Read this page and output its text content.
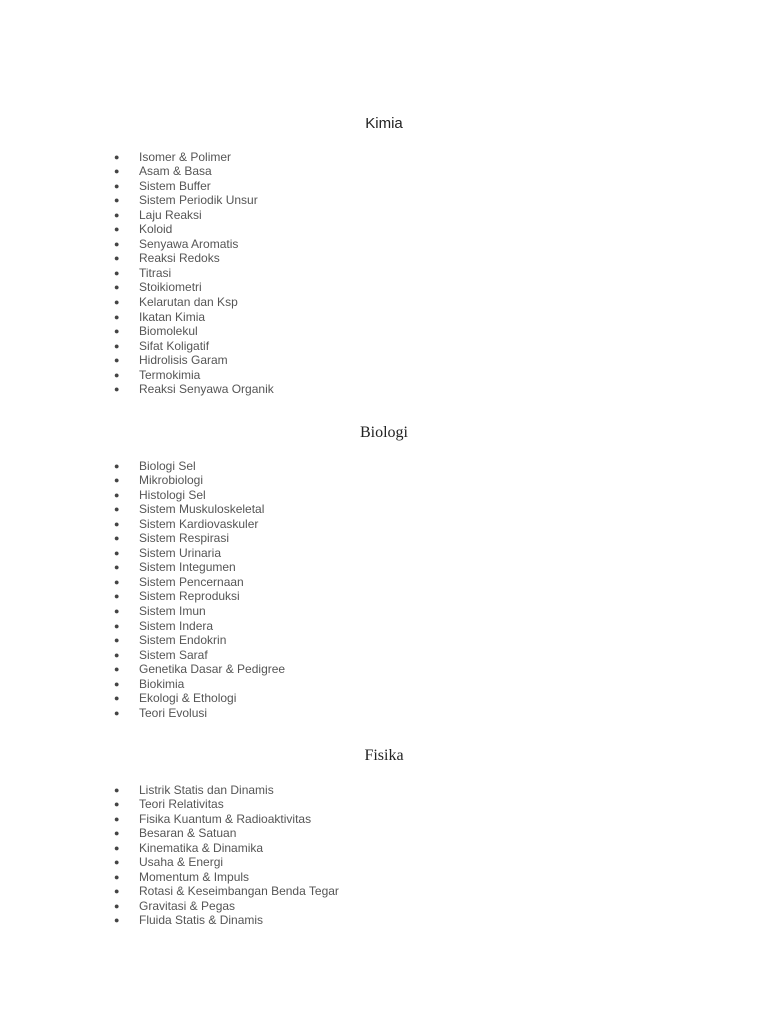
Kimia
● Isomer & Polimer
● Asam & Basa
● Sistem Buffer
● Sistem Periodik Unsur
● Laju Reaksi
● Koloid
● Senyawa Aromatis
● Reaksi Redoks
● Titrasi
● Stoikiometri
● Kelarutan dan Ksp
● Ikatan Kimia
● Biomolekul
● Sifat Koligatif
● Hidrolisis Garam
● Termokimia
● Reaksi Senyawa Organik
Biologi
● Biologi Sel
● Mikrobiologi
● Histologi Sel
● Sistem Muskuloskeletal
● Sistem Kardiovaskuler
● Sistem Respirasi
● Sistem Urinaria
● Sistem Integumen
● Sistem Pencernaan
● Sistem Reproduksi
● Sistem Imun
● Sistem Indera
● Sistem Endokrin
● Sistem Saraf
● Genetika Dasar & Pedigree
● Biokimia
● Ekologi & Ethologi
● Teori Evolusi
Fisika
● Listrik Statis dan Dinamis
● Teori Relativitas
● Fisika Kuantum & Radioaktivitas
● Besaran & Satuan
● Kinematika & Dinamika
● Usaha & Energi
● Momentum & Impuls
● Rotasi & Keseimbangan Benda Tegar
● Gravitasi & Pegas
● Fluida Statis & Dinamis
